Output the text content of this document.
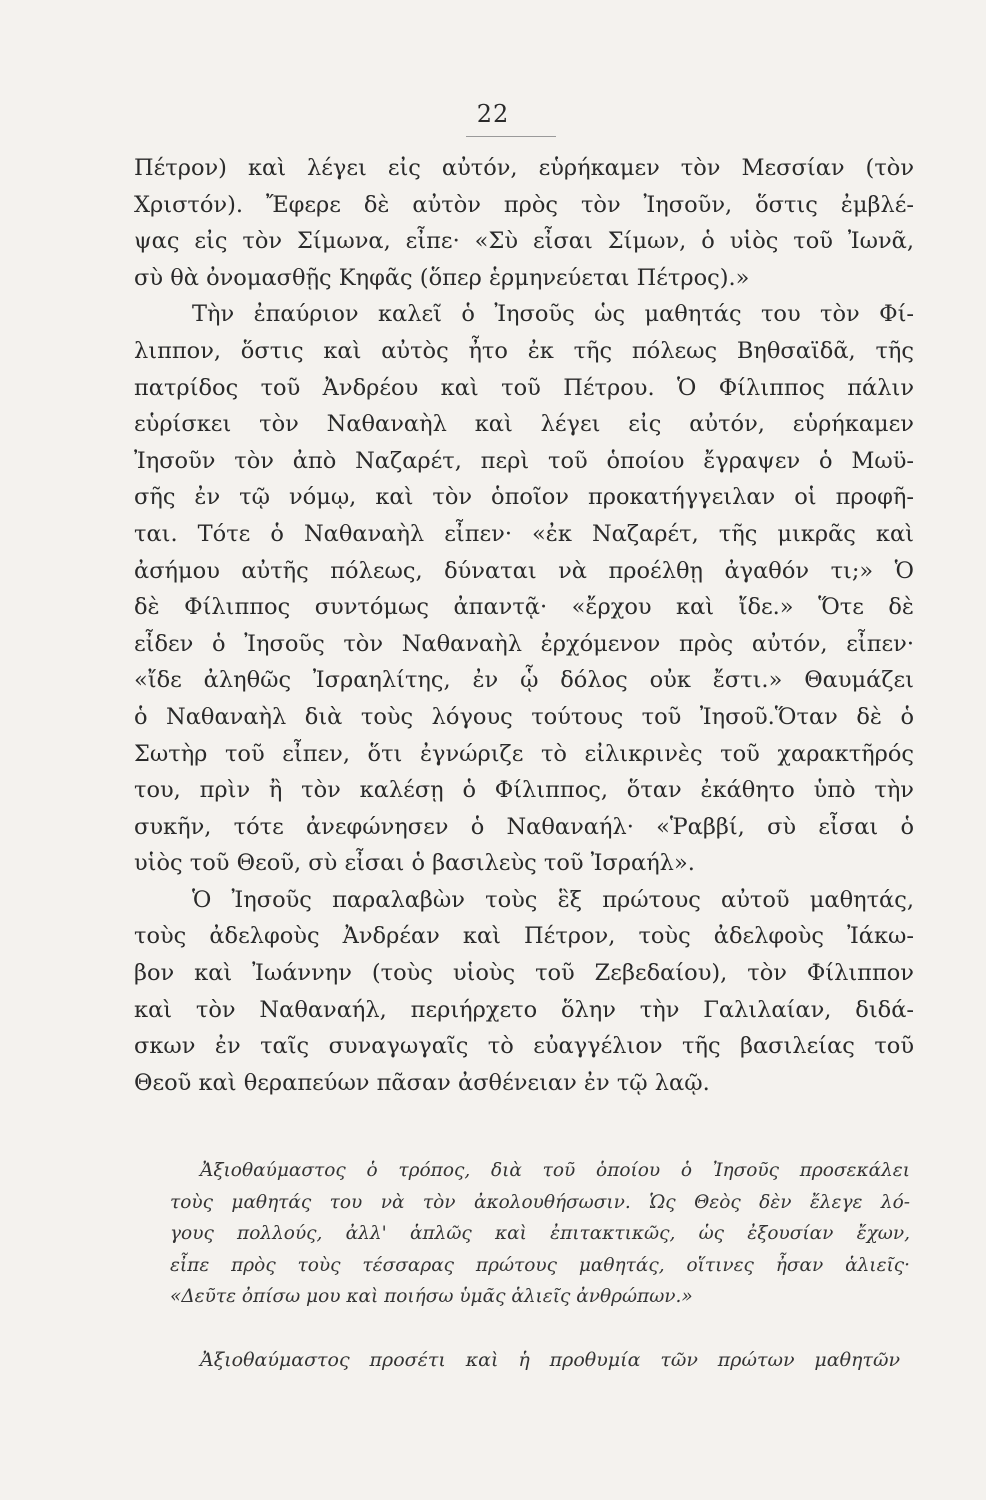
22
Πέτρον) καὶ λέγει εἰς αὐτόν, εὑρήκαμεν τὸν Μεσσίαν (τὸν
Χριστόν). Ἔφερε δὲ αὐτὸν πρὸς τὸν Ἰησοῦν, ὅστις ἐμβλέ-
ψας εἰς τὸν Σίμωνα, εἶπε· «Σὺ εἶσαι Σίμων, ὁ υἱὸς τοῦ Ἰωνᾶ,
σὺ θὰ ὀνομασθῇς Κηφᾶς (ὅπερ ἑρμηνεύεται Πέτρος).»
Τὴν ἐπαύριον καλεῖ ὁ Ἰησοῦς ὡς μαθητάς του τὸν Φί-
λιππον, ὅστις καὶ αὐτὸς ἦτο ἐκ τῆς πόλεως Βηθσαϊδᾶ, τῆς
πατρίδος τοῦ Ἀνδρέου καὶ τοῦ Πέτρου. Ὁ Φίλιππος πάλιν
εὑρίσκει τὸν Ναθαναὴλ καὶ λέγει εἰς αὐτόν, εὑρήκαμεν
Ἰησοῦν τὸν ἀπὸ Ναζαρέτ, περὶ τοῦ ὁποίου ἔγραψεν ὁ Μωϋ-
σῆς ἐν τῷ νόμῳ, καὶ τὸν ὁποῖον προκατήγγειλαν οἱ προφῆ-
ται. Τότε ὁ Ναθαναὴλ εἶπεν· «ἐκ Ναζαρέτ, τῆς μικρᾶς καὶ
ἀσήμου αὐτῆς πόλεως, δύναται νὰ προέλθῃ ἀγαθόν τι;» Ὁ
δὲ Φίλιππος συντόμως ἀπαντᾷ· «ἔρχου καὶ ἴδε.» Ὅτε δὲ
εἶδεν ὁ Ἰησοῦς τὸν Ναθαναὴλ ἐρχόμενον πρὸς αὐτόν, εἶπεν·
«ἴδε ἀληθῶς Ἰσραηλίτης, ἐν ᾧ δόλος οὐκ ἔστι.» Θαυμάζει
ὁ Ναθαναὴλ διὰ τοὺς λόγους τούτους τοῦ Ἰησοῦ.Ὅταν δὲ ὁ
Σωτὴρ τοῦ εἶπεν, ὅτι ἐγνώριζε τὸ εἰλικρινὲς τοῦ χαρακτῆρός
του, πρὶν ἢ τὸν καλέσῃ ὁ Φίλιππος, ὅταν ἐκάθητο ὑπὸ τὴν
συκῆν, τότε ἀνεφώνησεν ὁ Ναθαναήλ· «Ῥαββί, σὺ εἶσαι ὁ
υἱὸς τοῦ Θεοῦ, σὺ εἶσαι ὁ βασιλεὺς τοῦ Ἰσραήλ».
Ὁ Ἰησοῦς παραλαβὼν τοὺς ἓξ πρώτους αὐτοῦ μαθητάς,
τοὺς ἀδελφοὺς Ἀνδρέαν καὶ Πέτρον, τοὺς ἀδελφοὺς Ἰάκω-
βον καὶ Ἰωάννην (τοὺς υἱοὺς τοῦ Ζεβεδαίου), τὸν Φίλιππον
καὶ τὸν Ναθαναήλ, περιήρχετο ὅλην τὴν Γαλιλαίαν, διδά-
σκων ἐν ταῖς συναγωγαῖς τὸ εὐαγγέλιον τῆς βασιλείας τοῦ
Θεοῦ καὶ θεραπεύων πᾶσαν ἀσθένειαν ἐν τῷ λαῷ.
Ἀξιοθαύμαστος ὁ τρόπος, διὰ τοῦ ὁποίου ὁ Ἰησοῦς προσεκάλει
τοὺς μαθητάς του νὰ τὸν ἀκολουθήσωσιν. Ὡς Θεὸς δὲν ἔλεγε λό-
γους πολλούς, ἀλλ' ἁπλῶς καὶ ἐπιτακτικῶς, ὡς ἐξουσίαν ἔχων,
εἶπε πρὸς τοὺς τέσσαρας πρώτους μαθητάς, οἵτινες ἦσαν ἁλιεῖς·
«Δεῦτε ὀπίσω μου καὶ ποιήσω ὑμᾶς ἁλιεῖς ἀνθρώπων.»
Ἀξιοθαύμαστος προσέτι καὶ ἡ προθυμία τῶν πρώτων μαθητῶν
